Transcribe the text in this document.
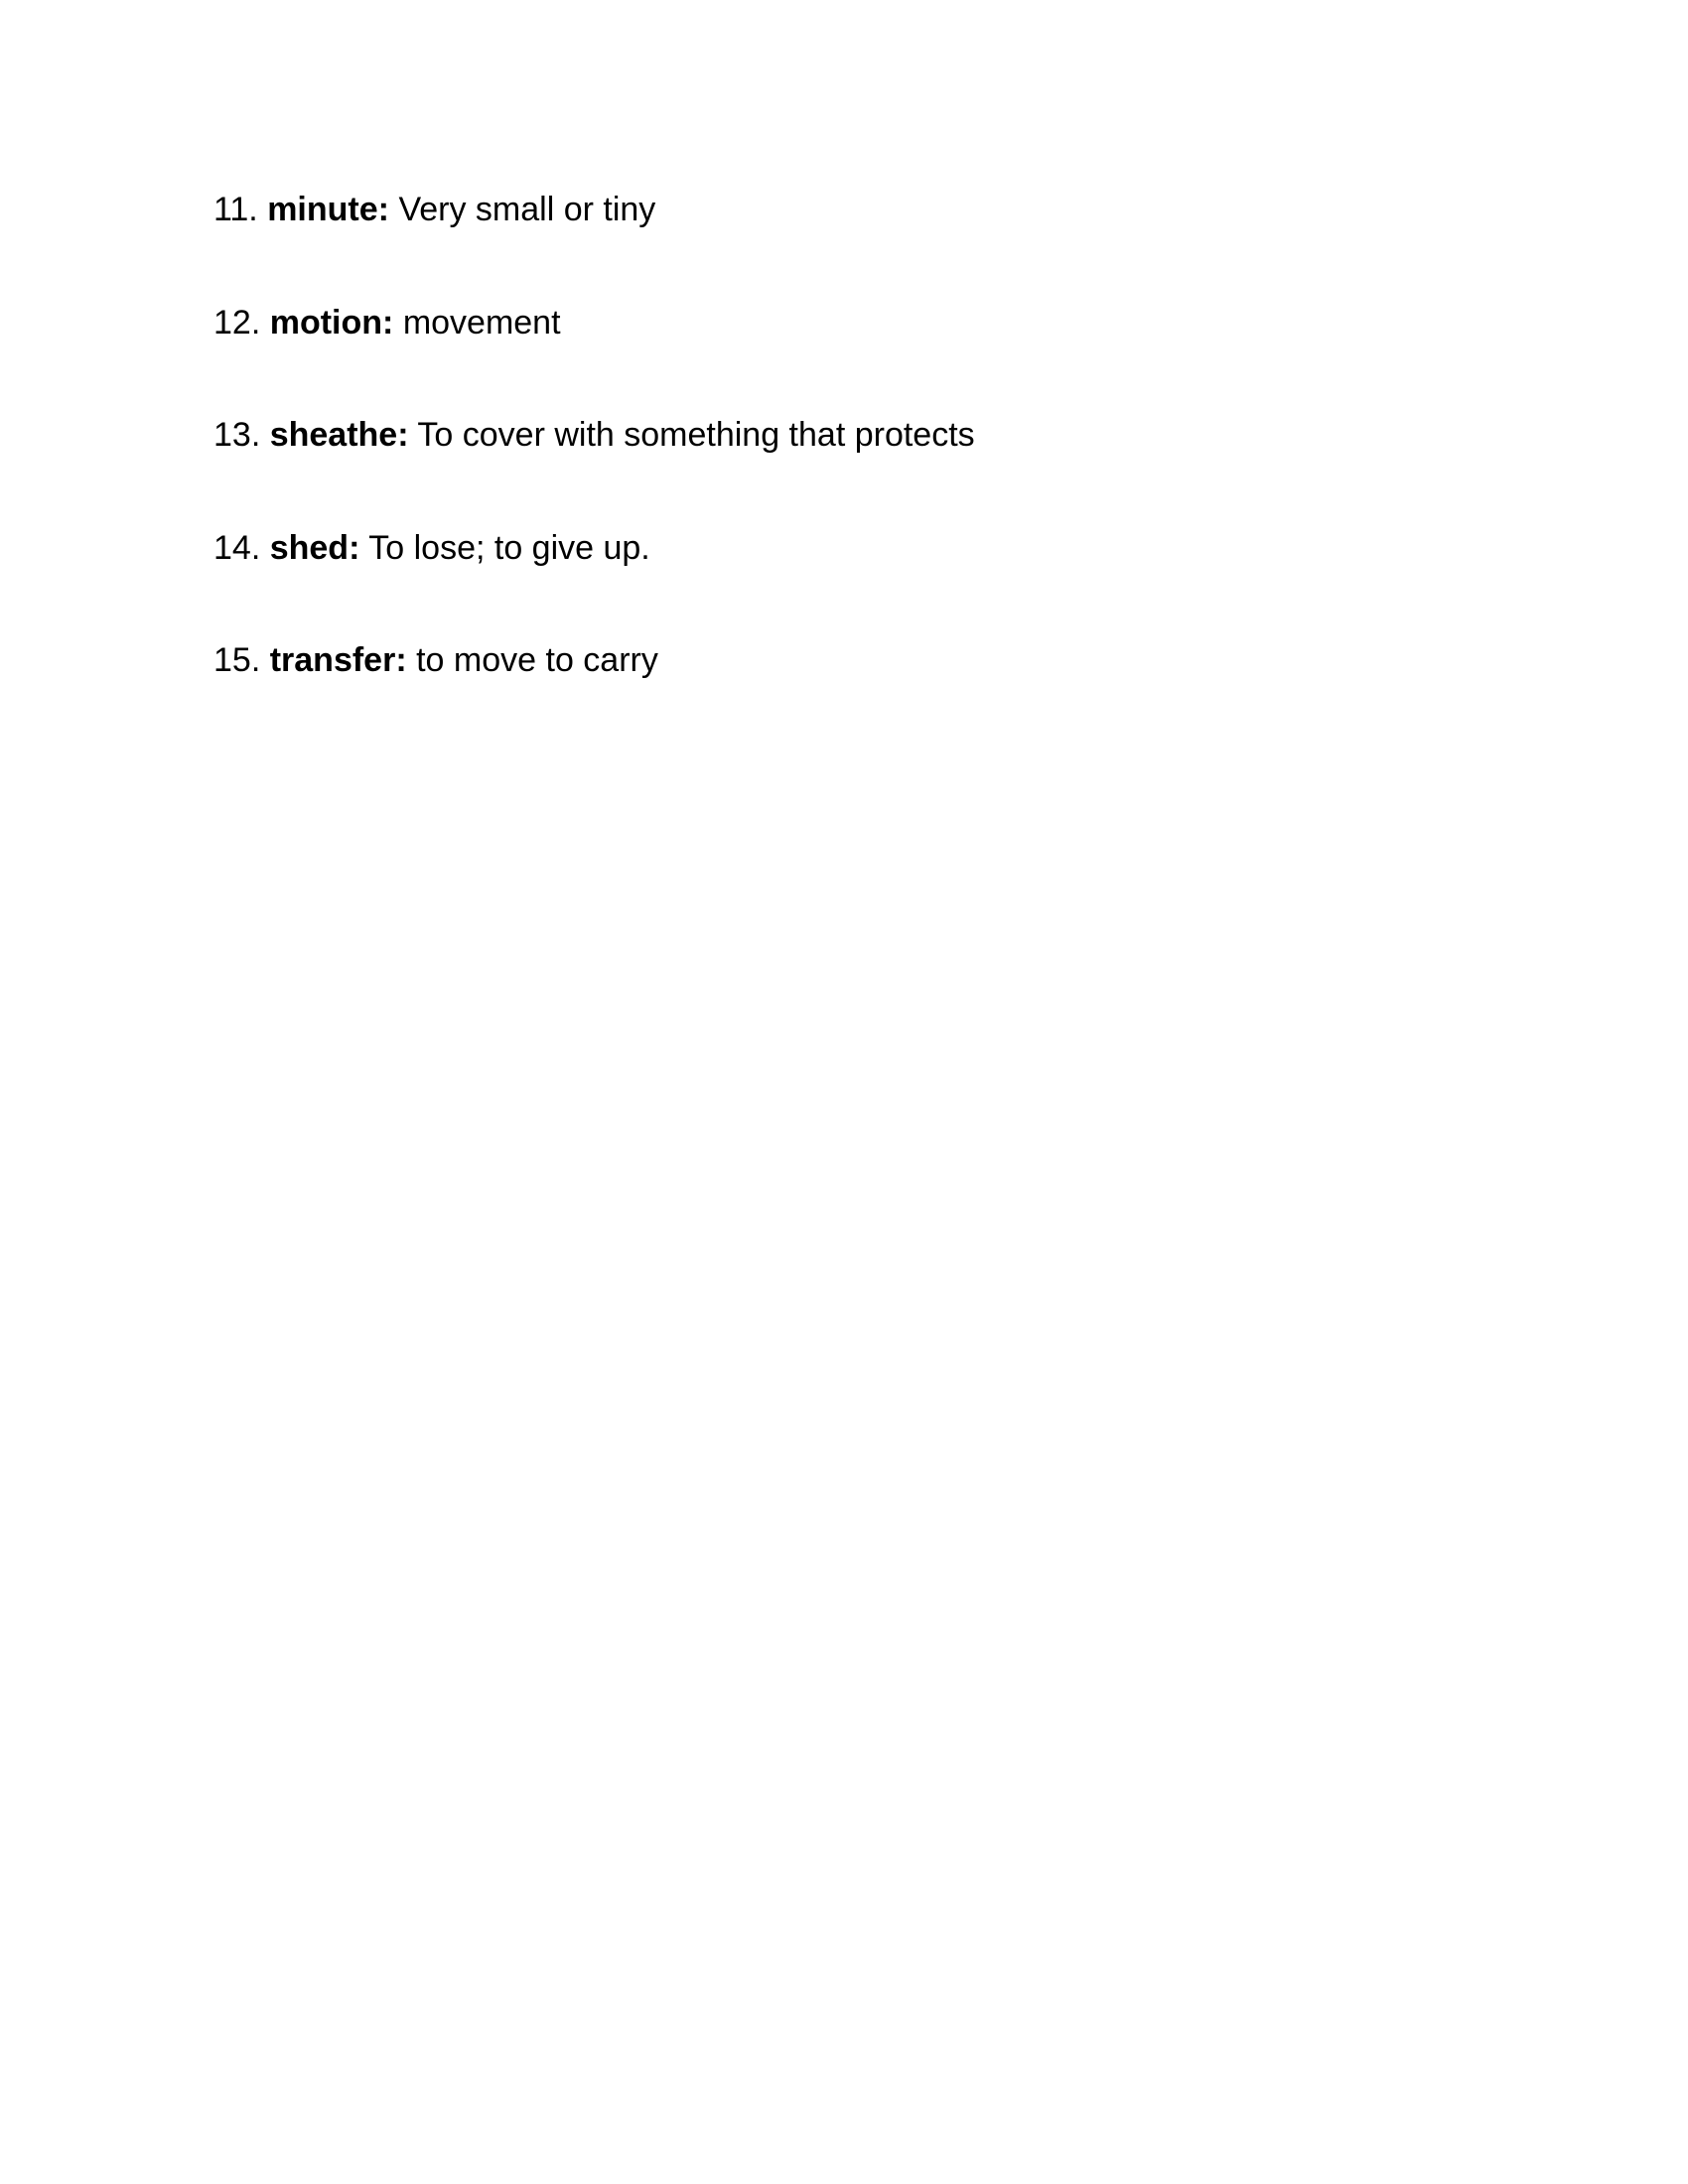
11. minute: Very small or tiny
12. motion: movement
13. sheathe: To cover with something that protects
14. shed: To lose; to give up.
15. transfer: to move to carry
